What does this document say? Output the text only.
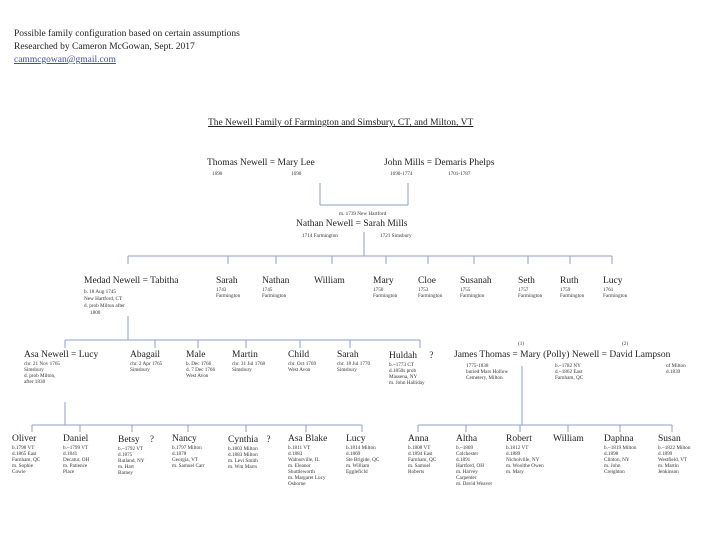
Possible family configuration based on certain assumptions
Researched by Cameron McGowan, Sept. 2017
cammcgowan@gmail.com
The Newell Family of Farmington and Simsbury, CT, and Milton, VT
Thomas Newell = Mary Lee
1690	1690
John Mills = Demaris Phelps
1690-1774	1701-1787
m. 1739 New Hartford
Nathan Newell = Sarah Mills
1714 Farmington	1721 Simsbury
Medad Newell = Tabitha
b. 18 Aug 1745
New Hartford, CT
d. prob Milton after
1800
Sarah
1743
Farmington
Nathan
1745
Farmington
William	Mary
1750
Farmington
Cloe
1753
Farmington
Susanah
1755
Farmington
Seth
1757
Farmington
Ruth
1759
Farmington
Lucy
1761
Farmington
Asa Newell = Lucy
chr. 21 Nov 1765
Simsbury
d. prob Milton,
after 1830
Abagail
chr. 2 Apr 1765
Simsbury
Male
b. Dec 1766
d. 7 Dec 1766
West Avon
Martin
chr. 31 Jul 1768
Simsbury
Child
chr. Oct 1769
West Avon
Sarah
chr. 18 Jul 1770
Simsbury
Huldah ?
b.~1773 CT
d.1850s prob
Massena, NY
m. John Halliday
(1)	(2)
James Thomas = Mary (Polly) Newell = David Lampson
1775-1838
buried Mars Hollow
Cemetery, Milton
b.~1782 NY
d.~1862 East
Farnham, QC
of Milton
d.1839
Oliver
b.1798 VT
d.1865 East
Farnham, QC
m. Sophie
Cowie
Daniel
b.~1799 VT
d.1841
Decatur, OH
m. Patience
Place
Betsy ?
b.~1792 VT
d.1875
Rutland, NY
m. Hart
Barney
Nancy
b.1797 Milton
d.1878
Georgia, VT
m. Samuel Carr
Cynthia ?
b.1803 Milton
d.1883 Milton
m. Levi Smith
m. Wm Marrs
Asa Blake
b.1811 VT
d.1883
Walnutville, IL
m. Eleanor
Shuttleworth
m. Margaret Lucy
Osborne
Lucy
b.1814 Milton
d.1869
Ste Brigide, QC
m. William
Eggleficld
Anna
b.1808 VT
d.1894 East
Farnham, QC
m. Samuel
Roberts
Altha
b.~1809
Colchester
d.1891
Hartford, OH
m. Harvey
Carpenter
m. David Weaver
Robert
b.1812 VT
d.1889
Nicholville, NY
m. Woolthe Owen
m. Mary
William Daphna
b.~1819 Milton
d.1898
Clinton, NY
m. John
Creighton
Susan
b.~1822 Milton
d.1899
Westfield, VT
m. Martin
Jenkinson
